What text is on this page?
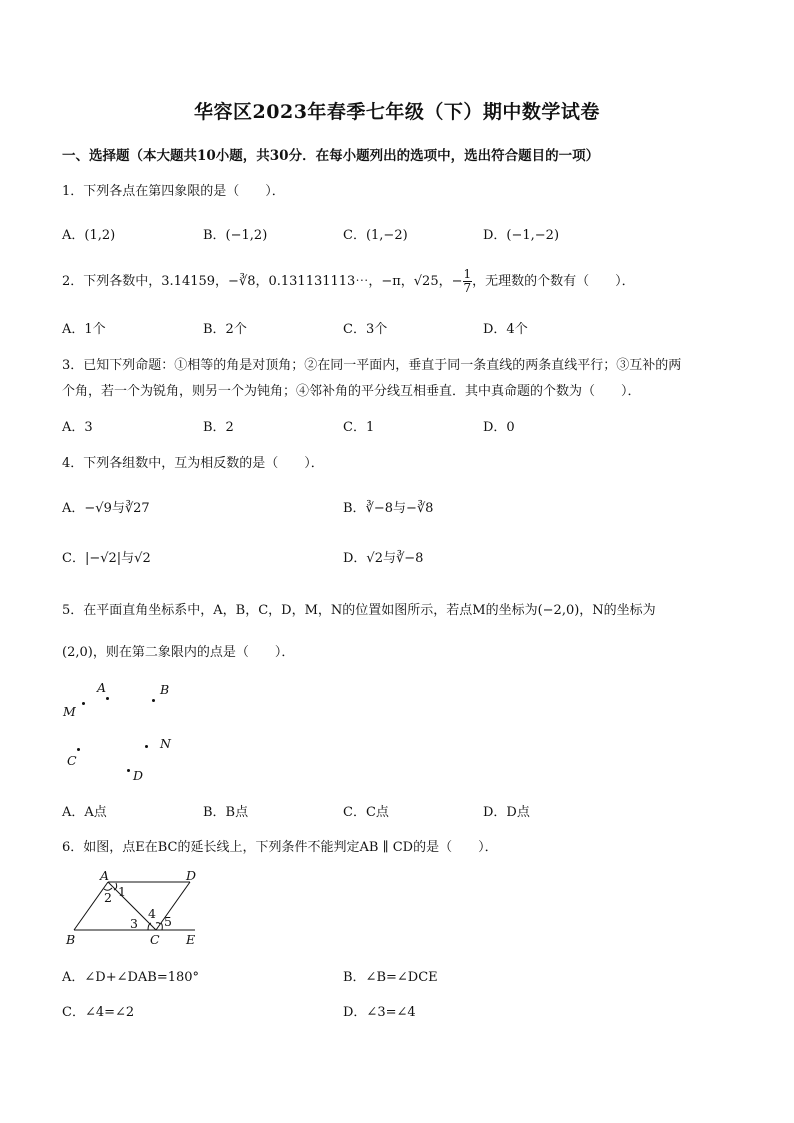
华容区2023年春季七年级（下）期中数学试卷
一、选择题（本大题共10小题，共30分．在每小题列出的选项中，选出符合题目的一项）
1．下列各点在第四象限的是（　　）．
A．(1,2)	B．(−1,2)	C．(1,−2)	D．(−1,−2)
2．下列各数中，3.14159，−∛8，0.131131113⋯，−π，√25，− $\frac{1}{7}$ ，无理数的个数有（　　）．
A．1个	B．2个	C．3个	D．4个
3．已知下列命题：①相等的角是对顶角；②在同一平面内，垂直于同一条直线的两条直线平行；③互补的两
个角，若一个为锐角，则另一个为钝角；④邻补角的平分线互相垂直．其中真命题的个数为（　　）．
A．3	B．2	C．1	D．0
4．下列各组数中，互为相反数的是（　　）．
A．−√9与∛27	B．∛−8与−∛8
C．|−√2|与√2	D．√2与∛−8
5．在平面直角坐标系中，A，B，C，D，M，N的位置如图所示，若点M的坐标为(−2,0)，N的坐标为
(2,0)，则在第二象限内的点是（　　）．
A	B
M
N
C
D
A．A点	B．B点	C．C点	D．D点
6．如图，点E在BC的延长线上，下列条件不能判定AB ∥ CD的是（　　）．
A	D
1
2
4
5
3
B	C E
A．∠D+∠DAB=180°	B．∠B=∠DCE
C．∠4=∠2	D．∠3=∠4
